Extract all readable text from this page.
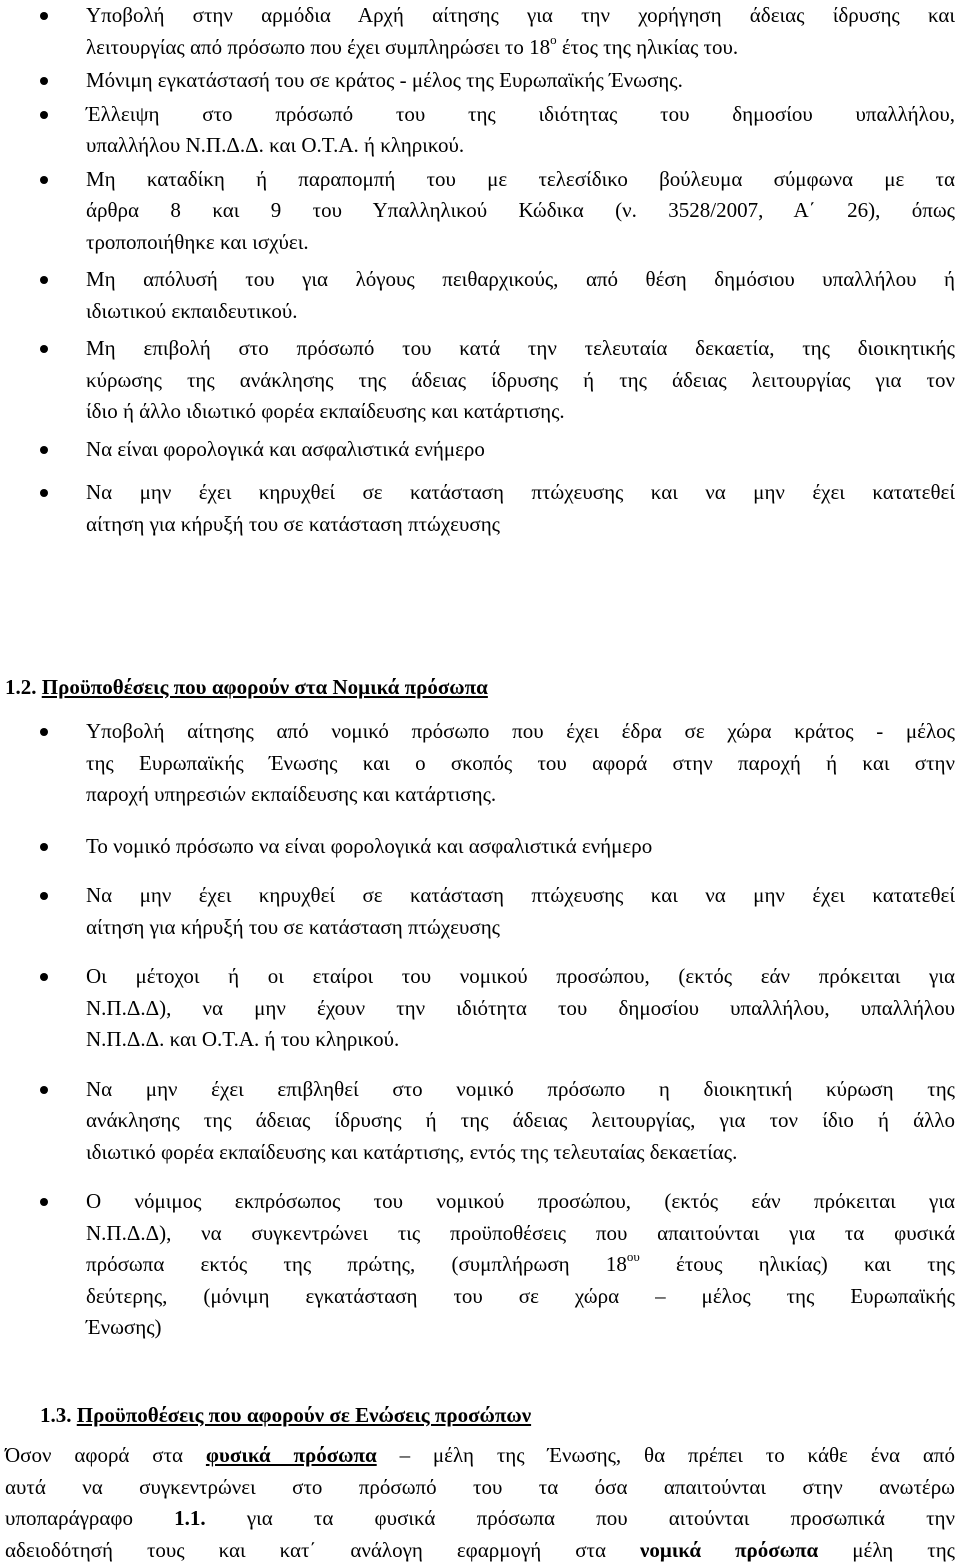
Υποβολή στην αρμόδια Αρχή αίτησης για την χορήγηση άδειας ίδρυσης και
λειτουργίας από πρόσωπο που έχει συμπληρώσει το $18^o$ έτος της ηλικίας του.
Μόνιμη εγκατάστασή του σε κράτος - μέλος της Ευρωπαϊκής Ένωσης.
Έλλειψη στο πρόσωπό του της ιδιότητας του δημοσίου υπαλλήλου,
υπαλλήλου Ν.Π.Δ.Δ. και Ο.Τ.Α. ή κληρικού.
Μη καταδίκη ή παραπομπή του με τελεσίδικο βούλευμα σύμφωνα με τα
άρθρα 8 και 9 του Υπαλληλικού Κώδικα (ν. 3528/2007, Α΄ 26), όπως
τροποποιήθηκε και ισχύει.
Μη απόλυσή του για λόγους πειθαρχικούς, από θέση δημόσιου υπαλλήλου ή
ιδιωτικού εκπαιδευτικού.
Μη επιβολή στο πρόσωπό του κατά την τελευταία δεκαετία, της διοικητικής
κύρωσης της ανάκλησης της άδειας ίδρυσης ή της άδειας λειτουργίας για τον
ίδιο ή άλλο ιδιωτικό φορέα εκπαίδευσης και κατάρτισης.
Να είναι φορολογικά και ασφαλιστικά ενήμερο
Να μην έχει κηρυχθεί σε κατάσταση πτώχευσης και να μην έχει κατατεθεί
αίτηση για κήρυξή του σε κατάσταση πτώχευσης
1.2. Προϋποθέσεις που αφορούν στα Νομικά πρόσωπα
Υποβολή αίτησης από νομικό πρόσωπο που έχει έδρα σε χώρα κράτος - μέλος
της Ευρωπαϊκής Ένωσης και ο σκοπός του αφορά στην παροχή ή και στην
παροχή υπηρεσιών εκπαίδευσης και κατάρτισης.
Το νομικό πρόσωπο να είναι φορολογικά και ασφαλιστικά ενήμερο
Να μην έχει κηρυχθεί σε κατάσταση πτώχευσης και να μην έχει κατατεθεί
αίτηση για κήρυξή του σε κατάσταση πτώχευσης
Οι μέτοχοι ή οι εταίροι του νομικού προσώπου, (εκτός εάν πρόκειται για
Ν.Π.Δ.Δ), να μην έχουν την ιδιότητα του δημοσίου υπαλλήλου, υπαλλήλου
Ν.Π.Δ.Δ. και Ο.Τ.Α. ή του κληρικού.
Να μην έχει επιβληθεί στο νομικό πρόσωπο η διοικητική κύρωση της
ανάκλησης της άδειας ίδρυσης ή της άδειας λειτουργίας, για τον ίδιο ή άλλο
ιδιωτικό φορέα εκπαίδευσης και κατάρτισης, εντός της τελευταίας δεκαετίας.
Ο νόμιμος εκπρόσωπος του νομικού προσώπου, (εκτός εάν πρόκειται για
Ν.Π.Δ.Δ), να συγκεντρώνει τις προϋποθέσεις που απαιτούνται για τα φυσικά
πρόσωπα εκτός της πρώτης, (συμπλήρωση $18^{o\upsilon}$ έτους ηλικίας) και της
δεύτερης, (μόνιμη εγκατάσταση του σε χώρα – μέλος της Ευρωπαϊκής
Ένωσης)
1.3. Προϋποθέσεις που αφορούν σε Ενώσεις προσώπων
Όσον αφορά στα φυσικά πρόσωπα – μέλη της Ένωσης, θα πρέπει το κάθε ένα από
αυτά να συγκεντρώνει στο πρόσωπό του τα όσα απαιτούνται στην ανωτέρω
υποπαράγραφο 1.1. για τα φυσικά πρόσωπα που αιτούνται προσωπικά την
αδειοδότησή τους και κατ΄ ανάλογη εφαρμογή στα νομικά πρόσωπα μέλη της
